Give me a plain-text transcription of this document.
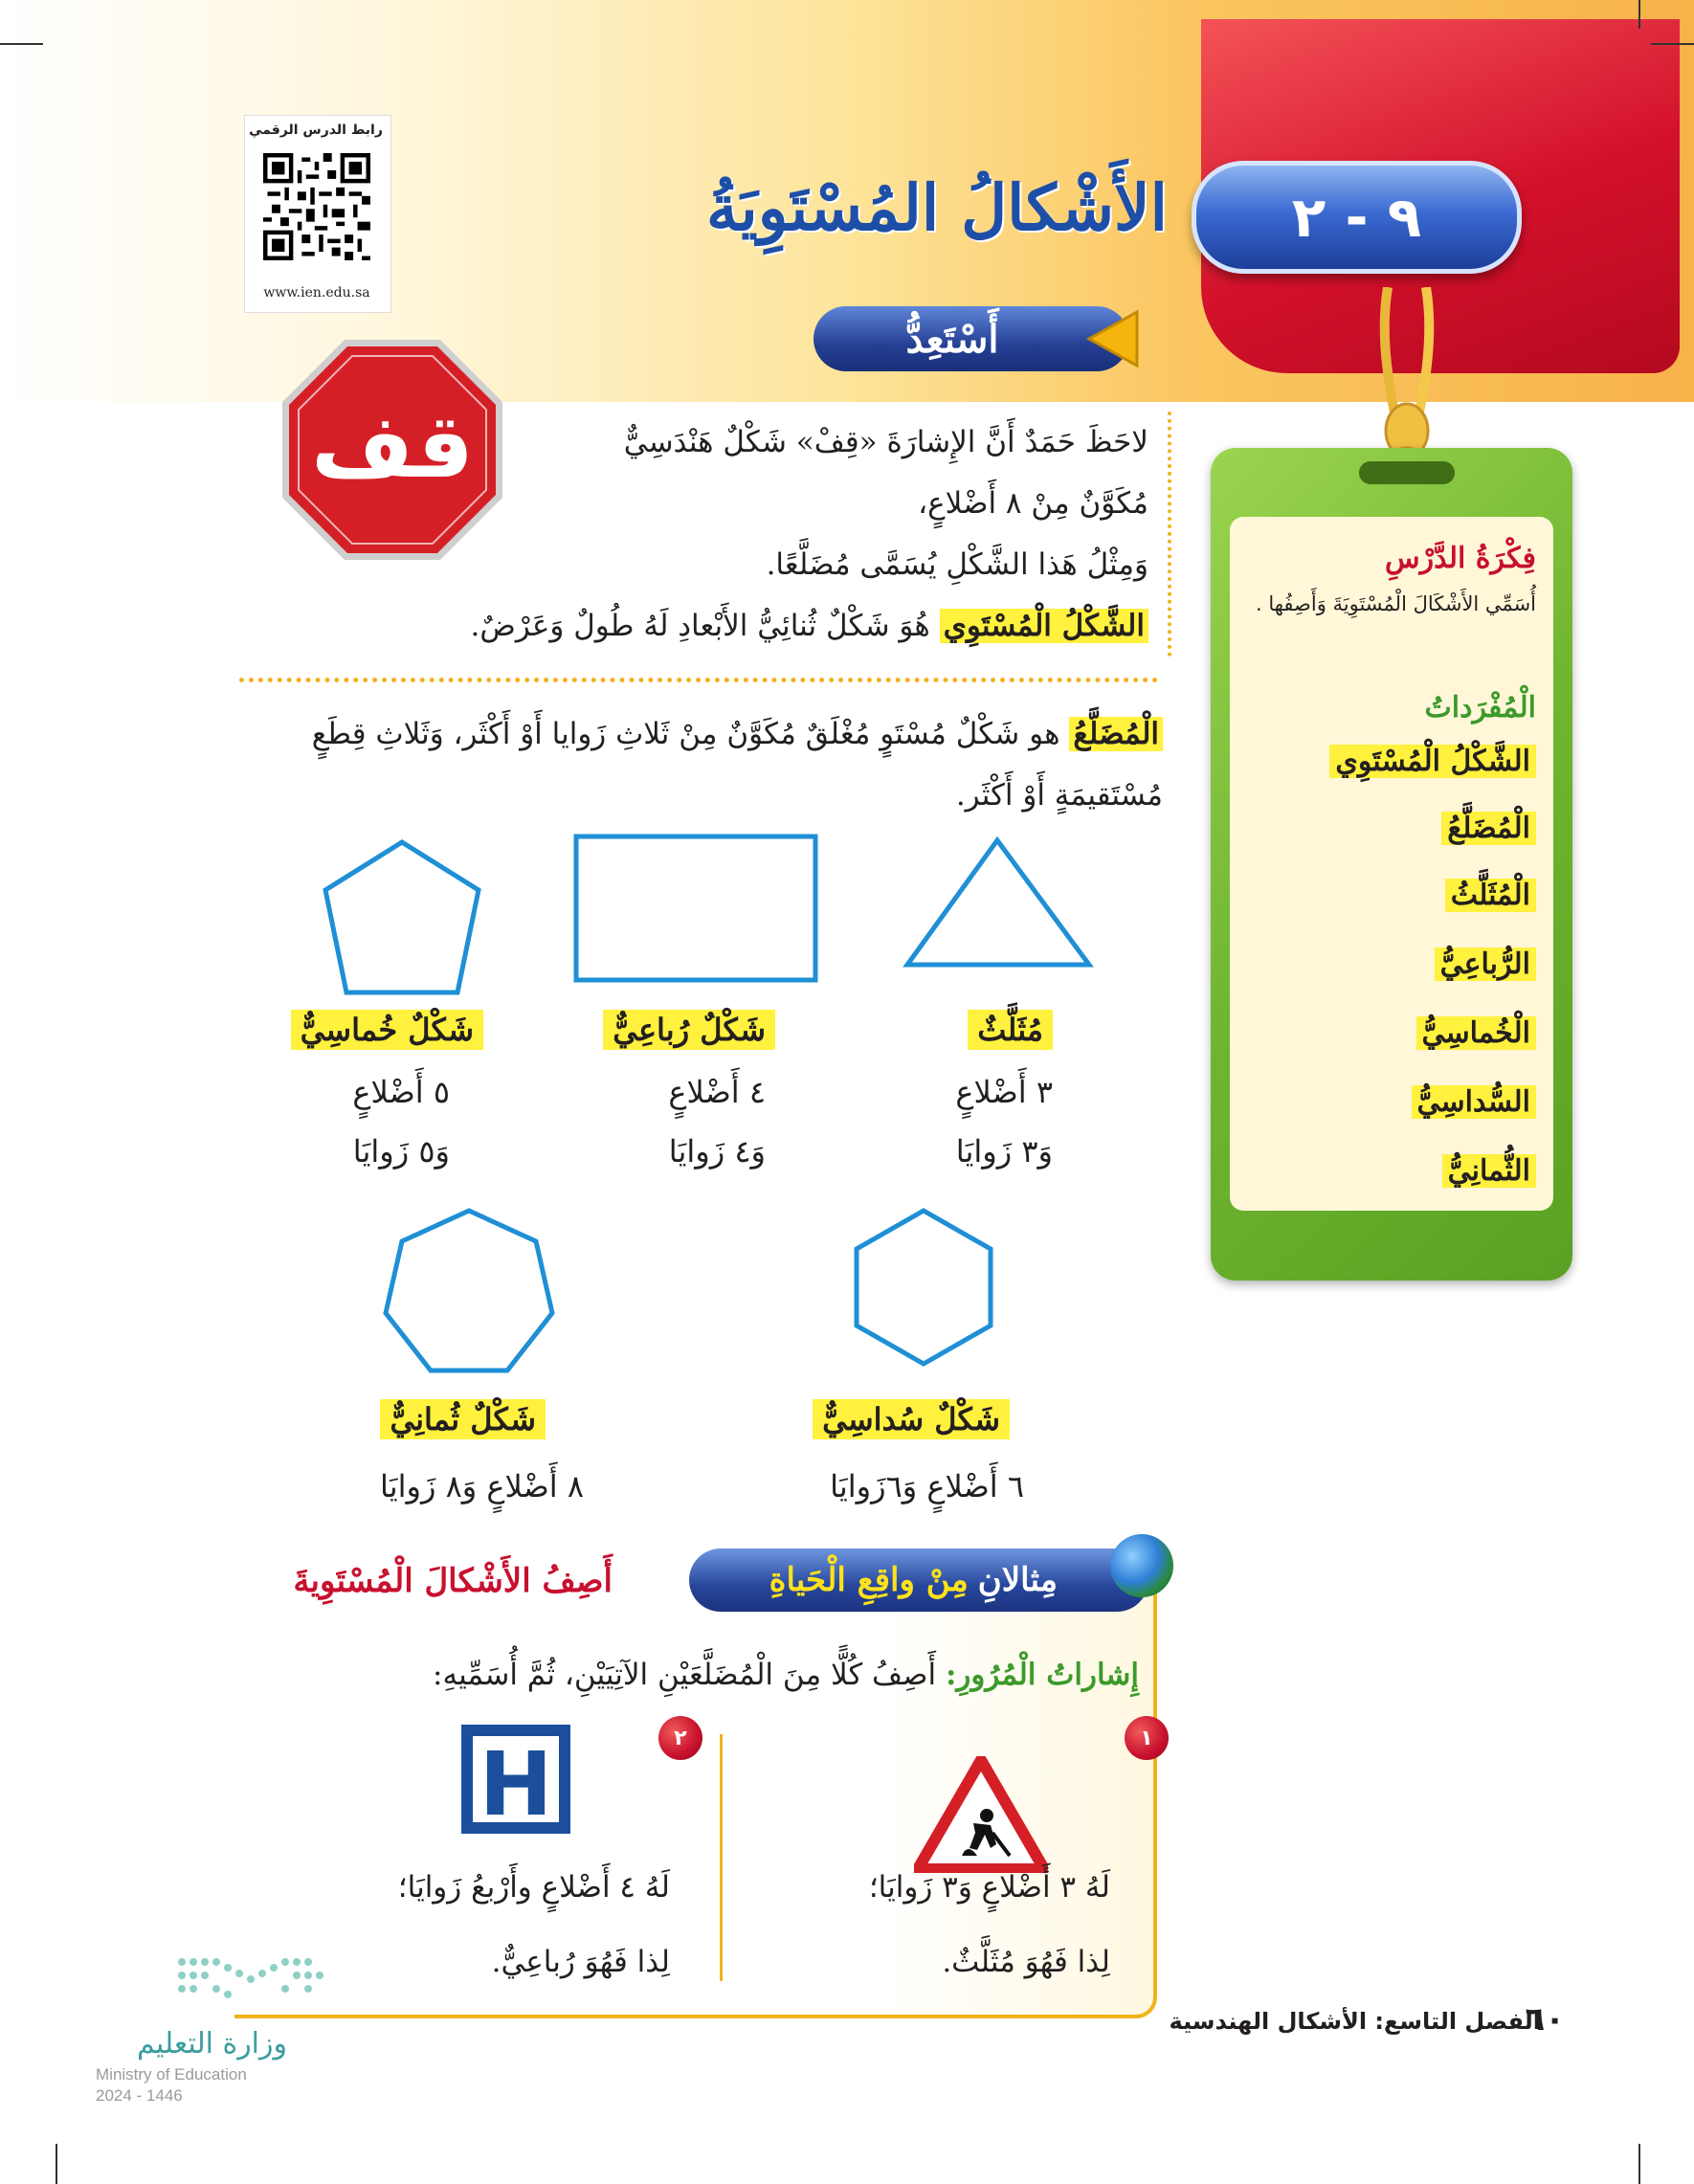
٩ - ٢
الأَشْكالُ المُسْتَوِيَةُ
رابط الدرس الرقمي
www.ien.edu.sa
فِكْرَةُ الدَّرْسِ
أُسَمِّي الأَشْكَالَ الْمُسْتَوِيَةَ وَأَصِفُها .
الْمُفْرَداتُ
الشَّكْلُ الْمُسْتَوِي
الْمُضَلَّعُ
الْمُثَلَّثُ
الرُّباعِيُّ
الْخُماسِيُّ
السُّداسِيُّ
الثُّمانِيُّ
أَسْتَعِدُّ
قف	لاحَظَ حَمَدٌ أَنَّ الإِشارَةَ «قِفْ» شَكْلٌ هَنْدَسِيٌّ
مُكَوَّنٌ مِنْ ٨ أَضْلاعٍ،
وَمِثْلُ هَذا الشَّكْلِ يُسَمَّى مُضَلَّعًا.
الشَّكْلُ الْمُسْتَوِي هُوَ شَكْلٌ ثُنائِيُّ الأَبْعادِ لَهُ طُولٌ وَعَرْضٌ.
الْمُضَلَّعُ هو شَكْلٌ مُسْتَوٍ مُغْلَقٌ مُكَوَّنٌ مِنْ ثَلاثِ زَوايا أَوْ أَكْثَر، وَثَلاثِ قِطَعٍ مُسْتَقيمَةٍ أَوْ أَكْثَر.
مُثَلَّثٌ
٣ أَضْلاعٍ
وَ٣ زَوايَا
شَكْلٌ رُباعِيٌّ
٤ أَضْلاعٍ
وَ٤ زَوايَا
شَكْلٌ خُماسِيٌّ
٥ أَضْلاعٍ
وَ٥ زَوايَا
شَكْلٌ سُداسِيٌّ
٦ أَضْلاعٍ وَ٦زَوايَا
شَكْلٌ ثُمانِيٌّ
٨ أَضْلاعٍ وَ٨ زَوايَا
مِنْ واقِعِ الْحَياةِ مِثالانِ
أَصِفُ الأَشْكالَ الْمُسْتَوِيةَ
إِشاراتُ الْمُرُورِ: أَصِفُ كُلًّا مِنَ الْمُضَلَّعَيْنِ الآتِيَيْنِ، ثُمَّ أُسَمِّيهِ:
١
٢
H
لَهُ ٣ أَضْلاعٍ وَ٣ زَوايَا؛
لِذا فَهُوَ مُثَلَّثٌ.
لَهُ ٤ أَضْلاعٍ وأَرْبعُ زَوايَا؛
لِذا فَهُوَ رُباعِيٌّ.
٦٠
الفصل التاسع: الأشكال الهندسية
وزارة التعليم
Ministry of Education
2024 - 1446
